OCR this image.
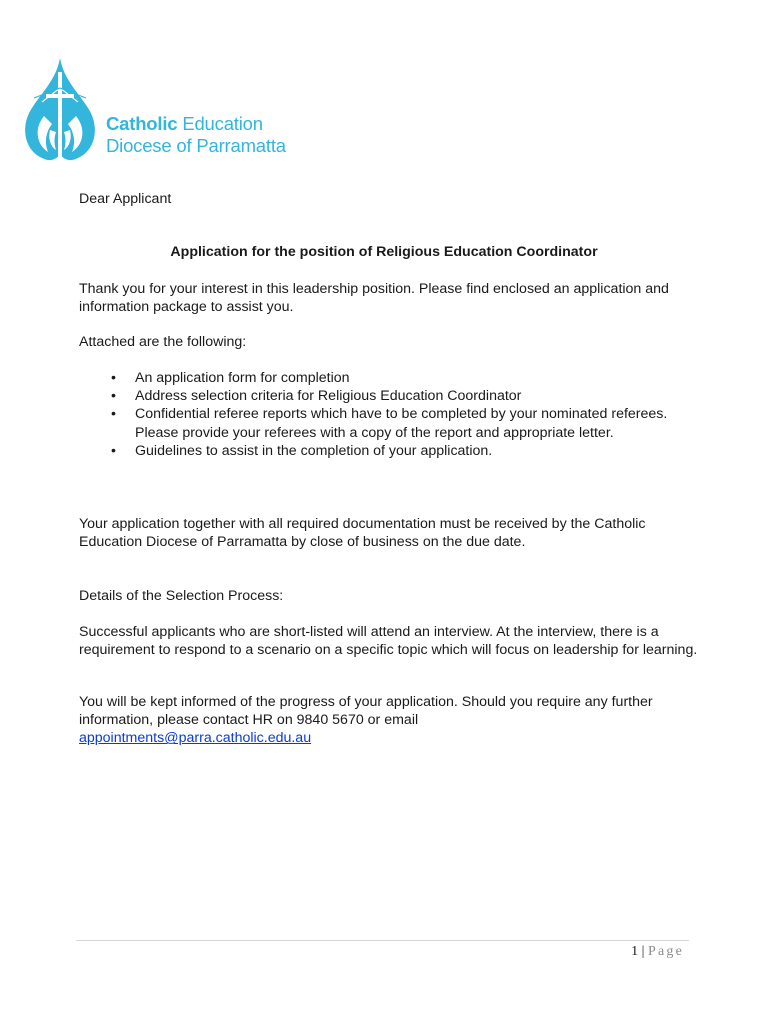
Catholic Education
Diocese of Parramatta

Dear Applicant

Application for the position of Religious Education Coordinator

Thank you for your interest in this leadership position. Please find enclosed an application and information package to assist you.

Attached are the following:

• An application form for completion
• Address selection criteria for Religious Education Coordinator
• Confidential referee reports which have to be completed by your nominated referees. Please provide your referees with a copy of the report and appropriate letter.
• Guidelines to assist in the completion of your application.

Your application together with all required documentation must be received by the Catholic Education Diocese of Parramatta by close of business on the due date.

Details of the Selection Process:

Successful applicants who are short-listed will attend an interview. At the interview, there is a requirement to respond to a scenario on a specific topic which will focus on leadership for learning.

You will be kept informed of the progress of your application. Should you require any further information, please contact HR on 9840 5670 or email
appointments@parra.catholic.edu.au

1 | Page
